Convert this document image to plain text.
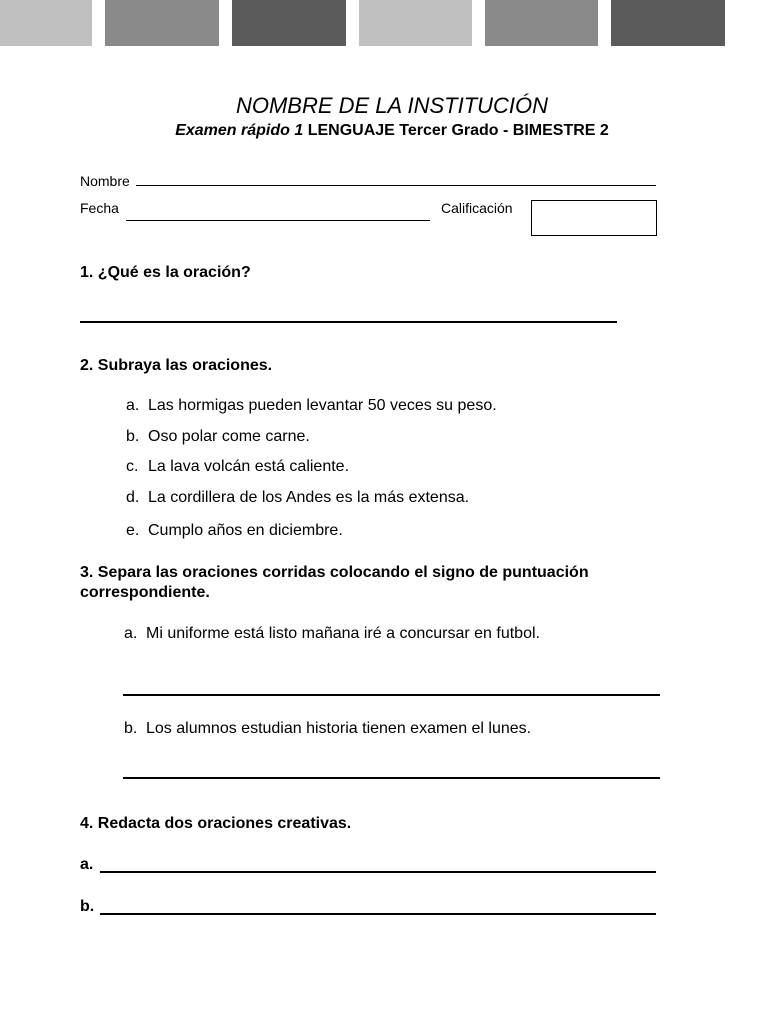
NOMBRE DE LA INSTITUCIÓN
Examen rápido 1 LENGUAJE Tercer Grado - BIMESTRE 2
Nombre
Fecha	Calificación
1. ¿Qué es la oración?
2. Subraya las oraciones.
a. Las hormigas pueden levantar 50 veces su peso.
b. Oso polar come carne.
c. La lava volcán está caliente.
d. La cordillera de los Andes es la más extensa.
e. Cumplo años en diciembre.
3. Separa las oraciones corridas colocando el signo de puntuación
correspondiente.
a. Mi uniforme está listo mañana iré a concursar en futbol.
b. Los alumnos estudian historia tienen examen el lunes.
4. Redacta dos oraciones creativas.
a.
b.
